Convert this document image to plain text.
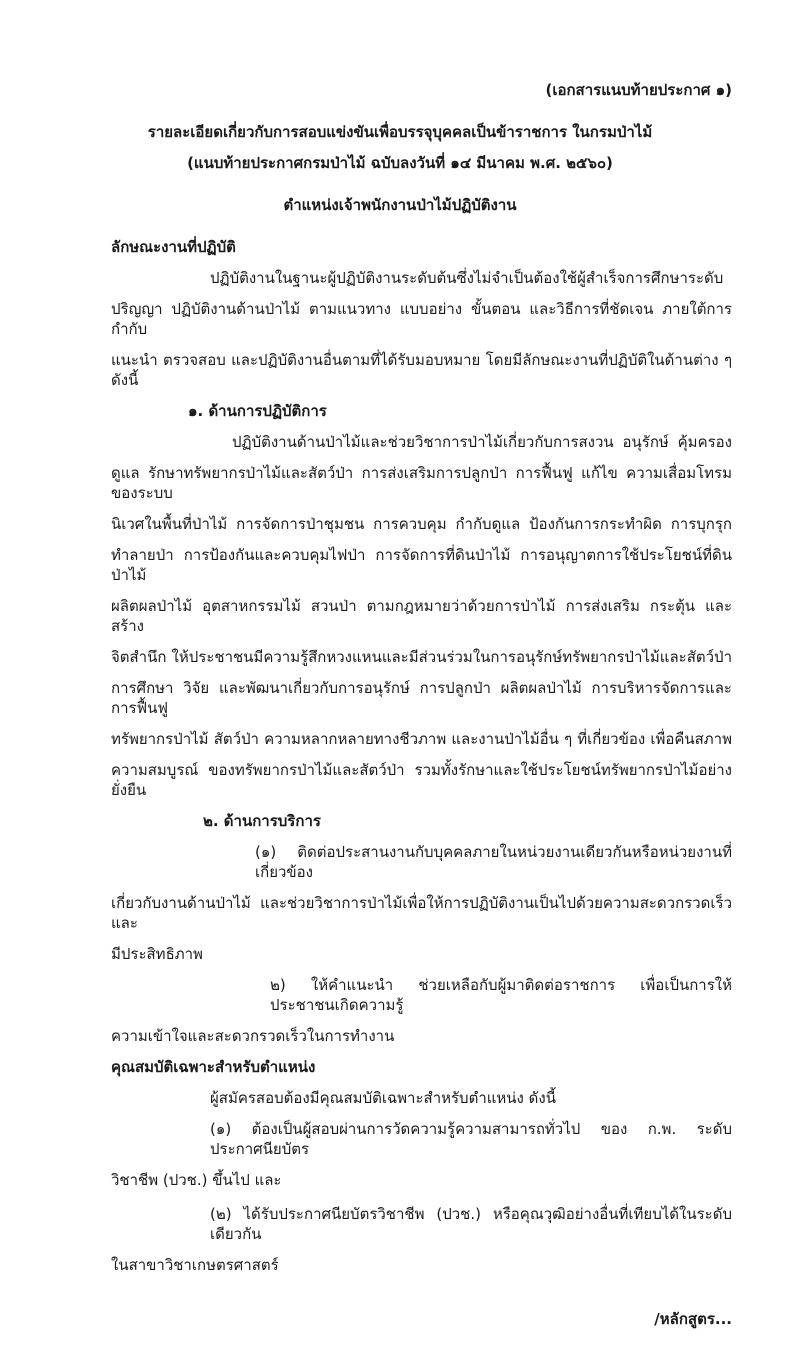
(เอกสารแนบท้ายประกาศ ๑)

รายละเอียดเกี่ยวกับการสอบแข่งขันเพื่อบรรจุบุคคลเป็นข้าราชการ ในกรมป่าไม้

(แนบท้ายประกาศกรมป่าไม้ ฉบับลงวันที่ ๑๔ มีนาคม พ.ศ. ๒๕๖๐)

ตำแหน่งเจ้าพนักงานป่าไม้ปฏิบัติงาน

ลักษณะงานที่ปฏิบัติ

ปฏิบัติงานในฐานะผู้ปฏิบัติงานระดับต้นซึ่งไม่จำเป็นต้องใช้ผู้สำเร็จการศึกษาระดับ

ปริญญา ปฏิบัติงานด้านป่าไม้ ตามแนวทาง แบบอย่าง ขั้นตอน และวิธีการที่ชัดเจน ภายใต้การกำกับ

แนะนำ ตรวจสอบ และปฏิบัติงานอื่นตามที่ได้รับมอบหมาย โดยมีลักษณะงานที่ปฏิบัติในด้านต่าง ๆ ดังนี้

๑. ด้านการปฏิบัติการ

ปฏิบัติงานด้านป่าไม้และช่วยวิชาการป่าไม้เกี่ยวกับการสงวน อนุรักษ์ คุ้มครอง

ดูแล รักษาทรัพยากรป่าไม้และสัตว์ป่า การส่งเสริมการปลูกป่า การฟื้นฟู แก้ไข ความเสื่อมโทรมของระบบ

นิเวศในพื้นที่ป่าไม้ การจัดการป่าชุมชน การควบคุม กำกับดูแล ป้องกันการกระทำผิด การบุกรุก

ทำลายป่า การป้องกันและควบคุมไฟป่า การจัดการที่ดินป่าไม้ การอนุญาตการใช้ประโยชน์ที่ดินป่าไม้

ผลิตผลป่าไม้ อุตสาหกรรมไม้ สวนป่า ตามกฎหมายว่าด้วยการป่าไม้ การส่งเสริม กระตุ้น และสร้าง

จิตสำนึก ให้ประชาชนมีความรู้สึกหวงแหนและมีส่วนร่วมในการอนุรักษ์ทรัพยากรป่าไม้และสัตว์ป่า

การศึกษา วิจัย และพัฒนาเกี่ยวกับการอนุรักษ์ การปลูกป่า ผลิตผลป่าไม้ การบริหารจัดการและการฟื้นฟู

ทรัพยากรป่าไม้ สัตว์ป่า ความหลากหลายทางชีวภาพ และงานป่าไม้อื่น ๆ ที่เกี่ยวข้อง เพื่อคืนสภาพ

ความสมบูรณ์ ของทรัพยากรป่าไม้และสัตว์ป่า รวมทั้งรักษาและใช้ประโยชน์ทรัพยากรป่าไม้อย่างยั่งยืน

๒. ด้านการบริการ

(๑) ติดต่อประสานงานกับบุคคลภายในหน่วยงานเดียวกันหรือหน่วยงานที่เกี่ยวข้อง

เกี่ยวกับงานด้านป่าไม้ และช่วยวิชาการป่าไม้เพื่อให้การปฏิบัติงานเป็นไปด้วยความสะดวกรวดเร็วและ

มีประสิทธิภาพ

๒) ให้คำแนะนำ ช่วยเหลือกับผู้มาติดต่อราชการ เพื่อเป็นการให้ประชาชนเกิดความรู้

ความเข้าใจและสะดวกรวดเร็วในการทำงาน

คุณสมบัติเฉพาะสำหรับตำแหน่ง

ผู้สมัครสอบต้องมีคุณสมบัติเฉพาะสำหรับตำแหน่ง ดังนี้

(๑) ต้องเป็นผู้สอบผ่านการวัดความรู้ความสามารถทั่วไป ของ ก.พ. ระดับประกาศนียบัตร

วิชาชีพ (ปวช.) ขึ้นไป และ

(๒) ได้รับประกาศนียบัตรวิชาชีพ (ปวช.) หรือคุณวุฒิอย่างอื่นที่เทียบได้ในระดับเดียวกัน

ในสาขาวิชาเกษตรศาสตร์

/หลักสูตร...
